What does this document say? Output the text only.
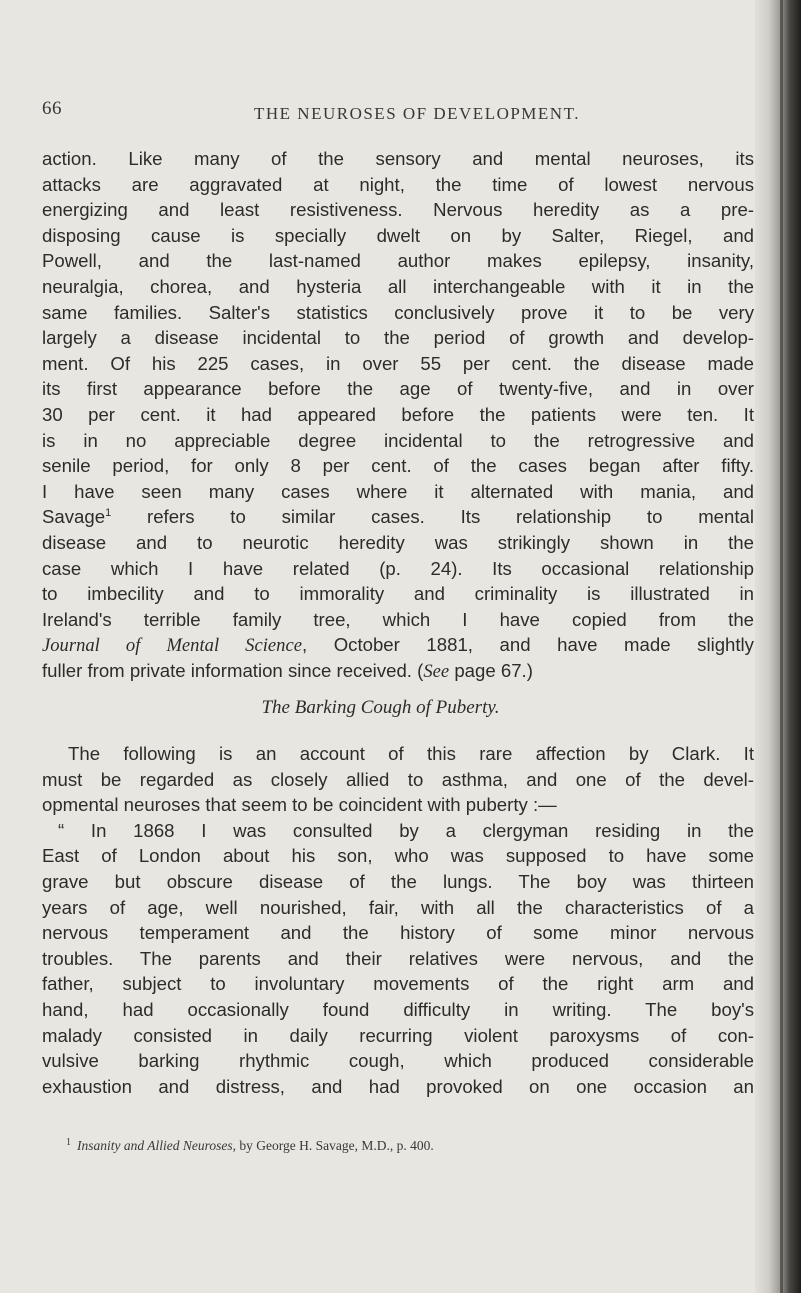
66	THE NEUROSES OF DEVELOPMENT.
action. Like many of the sensory and mental neuroses, its
attacks are aggravated at night, the time of lowest nervous
energizing and least resistiveness. Nervous heredity as a pre-
disposing cause is specially dwelt on by Salter, Riegel, and
Powell, and the last-named author makes epilepsy, insanity,
neuralgia, chorea, and hysteria all interchangeable with it in the
same families. Salter's statistics conclusively prove it to be very
largely a disease incidental to the period of growth and develop-
ment. Of his 225 cases, in over 55 per cent. the disease made
its first appearance before the age of twenty-five, and in over
30 per cent. it had appeared before the patients were ten. It
is in no appreciable degree incidental to the retrogressive and
senile period, for only 8 per cent. of the cases began after fifty.
I have seen many cases where it alternated with mania, and
Savage$^1$ refers to similar cases. Its relationship to mental
disease and to neurotic heredity was strikingly shown in the
case which I have related (p. 24). Its occasional relationship
to imbecility and to immorality and criminality is illustrated in
Ireland's terrible family tree, which I have copied from the
Journal of Mental Science, October 1881, and have made slightly
fuller from private information since received. (See page 67.)
The Barking Cough of Puberty.
The following is an account of this rare affection by Clark. It
must be regarded as closely allied to asthma, and one of the devel-
opmental neuroses that seem to be coincident with puberty :—
“ In 1868 I was consulted by a clergyman residing in the
East of London about his son, who was supposed to have some
grave but obscure disease of the lungs. The boy was thirteen
years of age, well nourished, fair, with all the characteristics of a
nervous temperament and the history of some minor nervous
troubles. The parents and their relatives were nervous, and the
father, subject to involuntary movements of the right arm and
hand, had occasionally found difficulty in writing. The boy's
malady consisted in daily recurring violent paroxysms of con-
vulsive barking rhythmic cough, which produced considerable
exhaustion and distress, and had provoked on one occasion an
$^1$ Insanity and Allied Neuroses, by George H. Savage, M.D., p. 400.
